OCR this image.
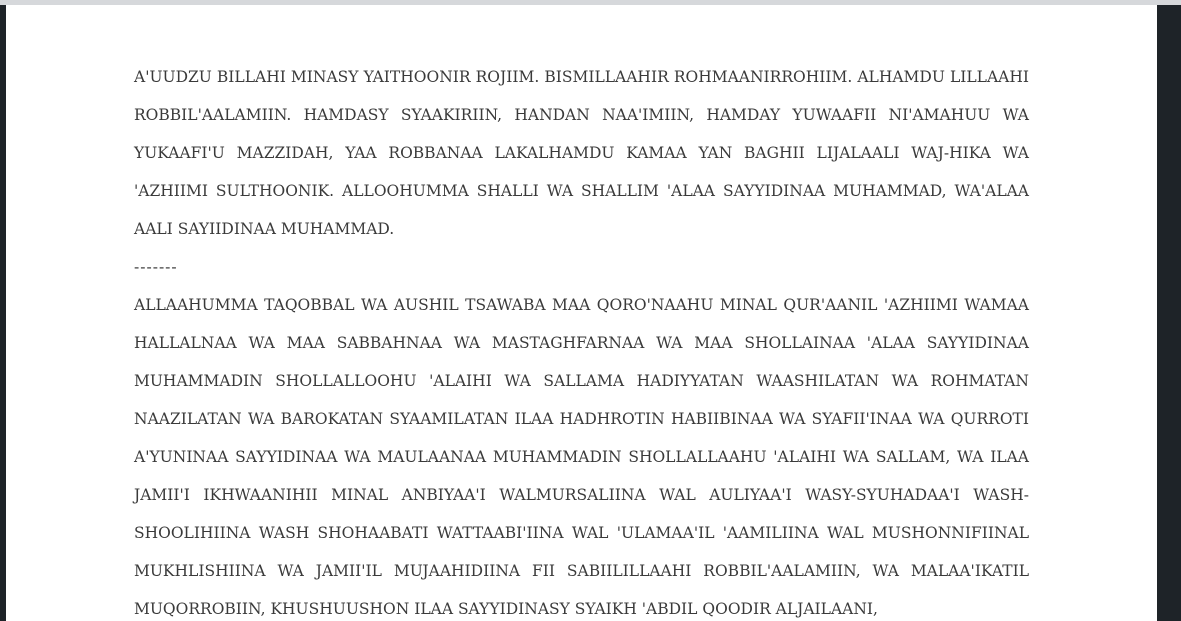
A'UUDZU BILLAHI MINASY YAITHOONIR ROJIIM. BISMILLAAHIR ROHMAANIRROHIIM. ALHAMDU LILLAAHI ROBBIL'AALAMIIN. HAMDASY SYAAKIRIIN, HANDAN NAA'IMIIN, HAMDAY YUWAAFII NI'AMAHUU WA YUKAAFI'U MAZZIDAH, YAA ROBBANAA LAKALHAMDU KAMAA YAN BAGHII LIJALAALI WAJ-HIKA WA 'AZHIIMI SULTHOONIK. ALLOOHUMMA SHALLI WA SHALLIM 'ALAA SAYYIDINAA MUHAMMAD, WA'ALAA AALI SAYIIDINAA MUHAMMAD.

-------

ALLAAHUMMA TAQOBBAL WA AUSHIL TSAWABA MAA QORO'NAAHU MINAL QUR'AANIL 'AZHIIMI WAMAA HALLALNAA WA MAA SABBAHNAA WA MASTAGHFARNAA WA MAA SHOLLAINAA 'ALAA SAYYIDINAA MUHAMMADIN SHOLLALLOOHU 'ALAIHI WA SALLAMA HADIYYATAN WAASHILATAN WA ROHMATAN NAAZILATAN WA BAROKATAN SYAAMILATAN ILAA HADHROTIN HABIIBINAA WA SYAFII'INAA WA QURROTI A'YUNINAA SAYYIDINAA WA MAULAANAA MUHAMMADIN SHOLLALLAAHU 'ALAIHI WA SALLAM, WA ILAA JAMII'I IKHWAANIHII MINAL ANBIYAA'I WALMURSALIINA WAL AULIYAA'I WASY-SYUHADAA'I WASH-SHOOLIHIINA WASH SHOHAABATI WATTAABI'IINA WAL 'ULAMAA'IL 'AAMILIINA WAL MUSHONNIFIINAL MUKHLISHIINA WA JAMII'IL MUJAAHIDIINA FII SABIILILLAAHI ROBBIL'AALAMIIN, WA MALAA'IKATIL MUQORROBIIN, KHUSHUUSHON ILAA SAYYIDINASY SYAIKH 'ABDIL QOODIR ALJAILAANI,
